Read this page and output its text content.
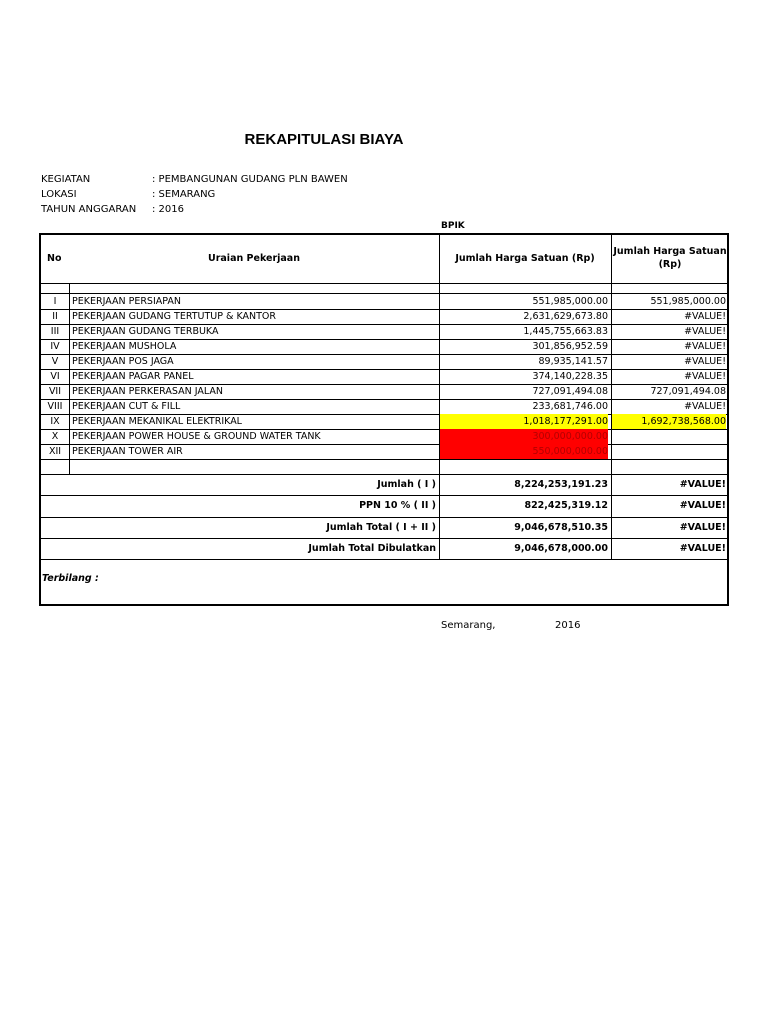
REKAPITULASI BIAYA
KEGIATAN	: PEMBANGUNAN GUDANG PLN BAWEN
LOKASI	: SEMARANG
TAHUN ANGGARAN : 2016
BPIK
No	Uraian Pekerjaan	Jumlah Harga Satuan (Rp)
Jumlah Harga Satuan
(Rp)
I	PEKERJAAN PERSIAPAN	551,985,000.00	551,985,000.00
II	PEKERJAAN GUDANG TERTUTUP & KANTOR	2,631,629,673.80	#VALUE!
III	PEKERJAAN GUDANG TERBUKA	1,445,755,663.83	#VALUE!
IV	PEKERJAAN MUSHOLA	301,856,952.59	#VALUE!
V	PEKERJAAN POS JAGA	89,935,141.57	#VALUE!
VI	PEKERJAAN PAGAR PANEL	374,140,228.35	#VALUE!
VII	PEKERJAAN PERKERASAN JALAN	727,091,494.08	727,091,494.08
VIII	PEKERJAAN CUT & FILL	233,681,746.00	#VALUE!
IX	PEKERJAAN MEKANIKAL ELEKTRIKAL	1,018,177,291.00	1,692,738,568.00
X	PEKERJAAN POWER HOUSE & GROUND WATER TANK	300,000,000.00
XII	PEKERJAAN TOWER AIR	550,000,000.00
Jumlah ( I )	8,224,253,191.23	#VALUE!
PPN 10 % ( II )	822,425,319.12	#VALUE!
Jumlah Total ( I + II )	9,046,678,510.35	#VALUE!
Jumlah Total Dibulatkan	9,046,678,000.00	#VALUE!
Terbilang :
Semarang,	2016
